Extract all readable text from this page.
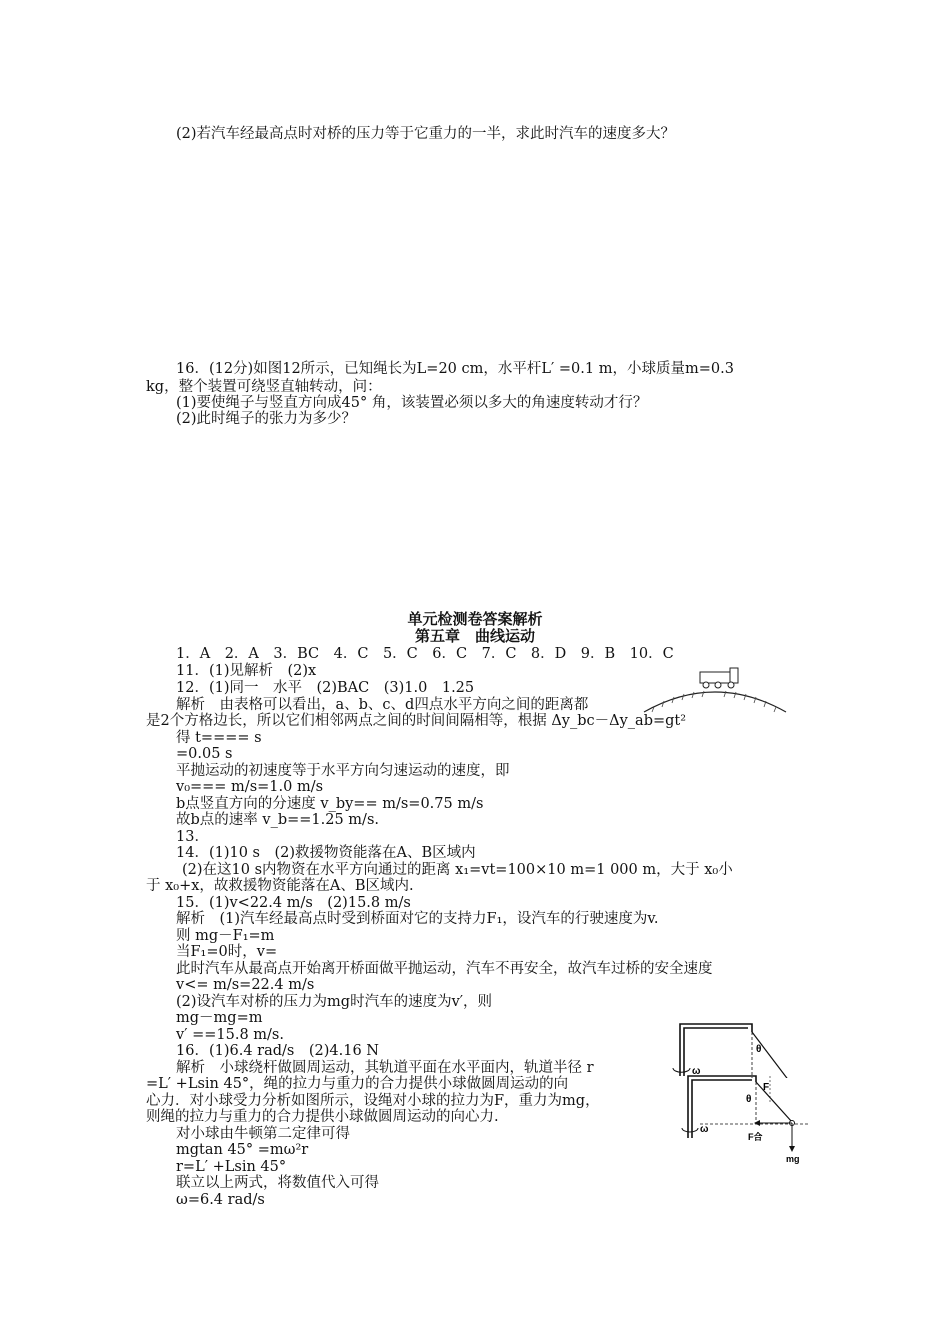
(2)若汽车经最高点时对桥的压力等于它重力的一半，求此时汽车的速度多大？
16．(12分)如图12所示，已知绳长为L=20 cm，水平杆L′ =0.1 m，小球质量m=0.3
kg，整个装置可绕竖直轴转动，问：
(1)要使绳子与竖直方向成45° 角，该装置必须以多大的角速度转动才行？
(2)此时绳子的张力为多少？
单元检测卷答案解析
第五章　曲线运动
1．A　2．A　3．BC　4．C　5．C　6．C　7．C　8．D　9．B　10．C
11．(1)见解析　(2)x
12．(1)同一　水平　(2)BAC　(3)1.0　1.25
解析　由表格可以看出，a、b、c、d四点水平方向之间的距离都
是2个方格边长，所以它们相邻两点之间的时间间隔相等，根据 Δy_bc－Δy_ab=gt²
得 t==== s
=0.05 s
平抛运动的初速度等于水平方向匀速运动的速度，即
v₀=== m/s=1.0 m/s
b点竖直方向的分速度 v_by== m/s=0.75 m/s
故b点的速率 v_b==1.25 m/s.
13．
14．(1)10 s　(2)救援物资能落在A、B区域内
(2)在这10 s内物资在水平方向通过的距离 x₁=vt=100×10 m=1 000 m，大于 x₀小
于 x₀+x，故救援物资能落在A、B区域内.
15．(1)v<22.4 m/s　(2)15.8 m/s
解析　(1)汽车经最高点时受到桥面对它的支持力F₁，设汽车的行驶速度为v.
则 mg－F₁=m
当F₁=0时，v=
此时汽车从最高点开始离开桥面做平抛运动，汽车不再安全，故汽车过桥的安全速度
v<= m/s=22.4 m/s
(2)设汽车对桥的压力为mg时汽车的速度为v′，则
mg－mg=m
v′ ==15.8 m/s.
16．(1)6.4 rad/s　(2)4.16 N
解析　小球绕杆做圆周运动，其轨道平面在水平面内，轨道半径 r
=L′ +Lsin 45°，绳的拉力与重力的合力提供小球做圆周运动的向
心力．对小球受力分析如图所示，设绳对小球的拉力为F，重力为mg，
则绳的拉力与重力的合力提供小球做圆周运动的向心力.
对小球由牛顿第二定律可得
mgtan 45° =mω²r
r=L′ +Lsin 45°
联立以上两式，将数值代入可得
ω=6.4 rad/s
θ
ω
F
θ
F合
mg
ω
